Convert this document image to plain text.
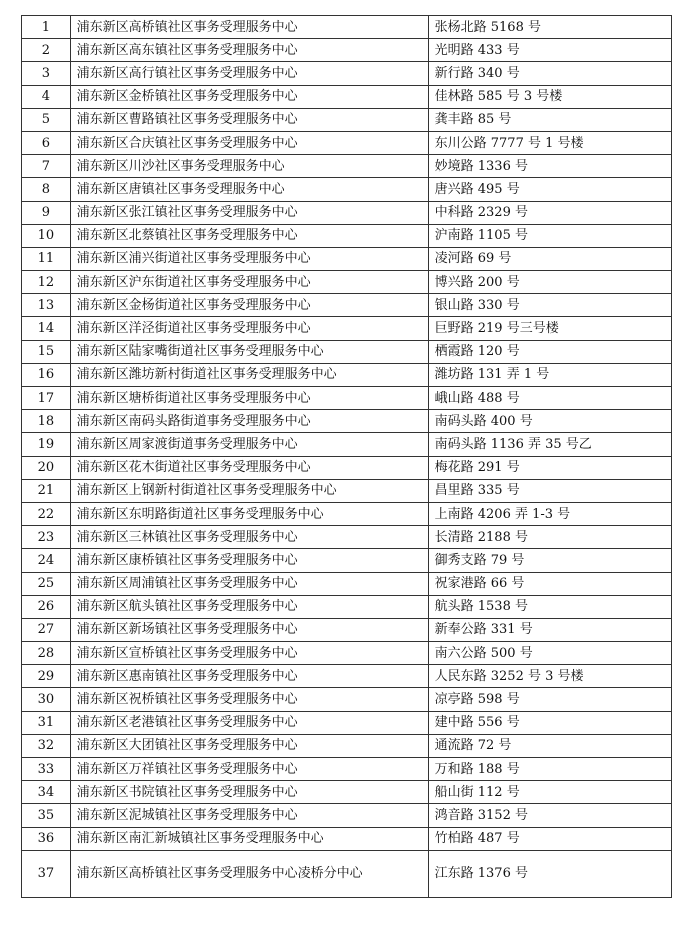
1	浦东新区高桥镇社区事务受理服务中心	张杨北路 5168 号
2	浦东新区高东镇社区事务受理服务中心	光明路 433 号
3	浦东新区高行镇社区事务受理服务中心	新行路 340 号
4	浦东新区金桥镇社区事务受理服务中心	佳林路 585 号 3 号楼
5	浦东新区曹路镇社区事务受理服务中心	龚丰路 85 号
6	浦东新区合庆镇社区事务受理服务中心	东川公路 7777 号 1 号楼
7	浦东新区川沙社区事务受理服务中心	妙境路 1336 号
8	浦东新区唐镇社区事务受理服务中心	唐兴路 495 号
9	浦东新区张江镇社区事务受理服务中心	中科路 2329 号
10	浦东新区北蔡镇社区事务受理服务中心	沪南路 1105 号
11	浦东新区浦兴街道社区事务受理服务中心	凌河路 69 号
12	浦东新区沪东街道社区事务受理服务中心	博兴路 200 号
13	浦东新区金杨街道社区事务受理服务中心	银山路 330 号
14	浦东新区洋泾街道社区事务受理服务中心	巨野路 219 号三号楼
15	浦东新区陆家嘴街道社区事务受理服务中心	栖霞路 120 号
16	浦东新区潍坊新村街道社区事务受理服务中心	潍坊路 131 弄 1 号
17	浦东新区塘桥街道社区事务受理服务中心	峨山路 488 号
18	浦东新区南码头路街道事务受理服务中心	南码头路 400 号
19	浦东新区周家渡街道事务受理服务中心	南码头路 1136 弄 35 号乙
20	浦东新区花木街道社区事务受理服务中心	梅花路 291 号
21	浦东新区上钢新村街道社区事务受理服务中心	昌里路 335 号
22	浦东新区东明路街道社区事务受理服务中心	上南路 4206 弄 1-3 号
23	浦东新区三林镇社区事务受理服务中心	长清路 2188 号
24	浦东新区康桥镇社区事务受理服务中心	御秀支路 79 号
25	浦东新区周浦镇社区事务受理服务中心	祝家港路 66 号
26	浦东新区航头镇社区事务受理服务中心	航头路 1538 号
27	浦东新区新场镇社区事务受理服务中心	新奉公路 331 号
28	浦东新区宣桥镇社区事务受理服务中心	南六公路 500 号
29	浦东新区惠南镇社区事务受理服务中心	人民东路 3252 号 3 号楼
30	浦东新区祝桥镇社区事务受理服务中心	凉亭路 598 号
31	浦东新区老港镇社区事务受理服务中心	建中路 556 号
32	浦东新区大团镇社区事务受理服务中心	通流路 72 号
33	浦东新区万祥镇社区事务受理服务中心	万和路 188 号
34	浦东新区书院镇社区事务受理服务中心	船山街 112 号
35	浦东新区泥城镇社区事务受理服务中心	鸿音路 3152 号
36	浦东新区南汇新城镇社区事务受理服务中心	竹柏路 487 号
37	浦东新区高桥镇社区事务受理服务中心凌桥分中心	江东路 1376 号
